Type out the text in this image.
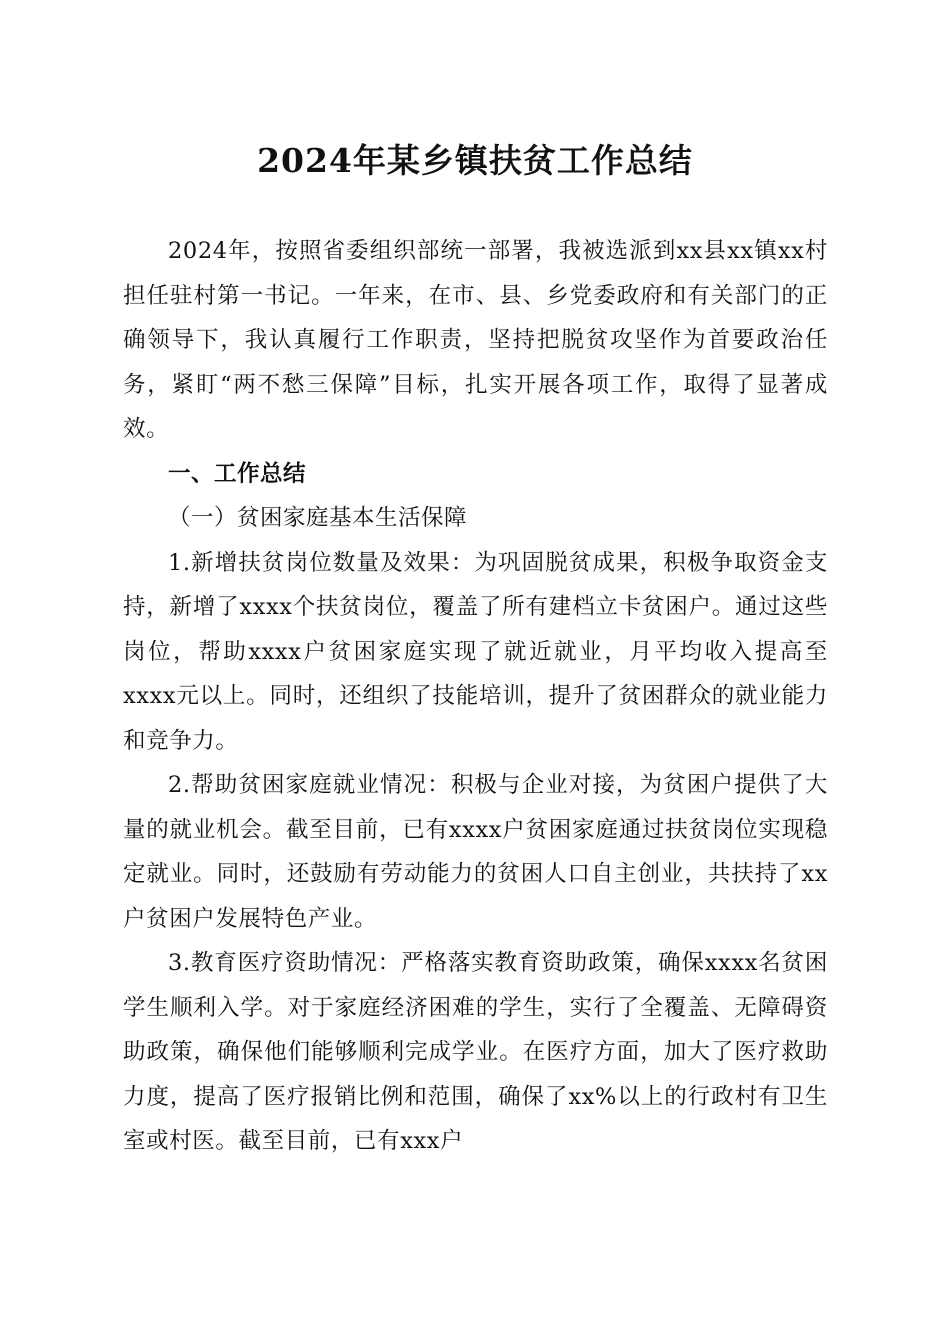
2024年某乡镇扶贫工作总结

2024年，按照省委组织部统一部署，我被选派到xx县xx镇xx村担任驻村第一书记。一年来，在市、县、乡党委政府和有关部门的正确领导下，我认真履行工作职责，坚持把脱贫攻坚作为首要政治任务，紧盯“两不愁三保障”目标，扎实开展各项工作，取得了显著成效。

一、工作总结

（一）贫困家庭基本生活保障

1.新增扶贫岗位数量及效果：为巩固脱贫成果，积极争取资金支持，新增了xxxx个扶贫岗位，覆盖了所有建档立卡贫困户。通过这些岗位，帮助xxxx户贫困家庭实现了就近就业，月平均收入提高至xxxx元以上。同时，还组织了技能培训，提升了贫困群众的就业能力和竞争力。

2.帮助贫困家庭就业情况：积极与企业对接，为贫困户提供了大量的就业机会。截至目前，已有xxxx户贫困家庭通过扶贫岗位实现稳定就业。同时，还鼓励有劳动能力的贫困人口自主创业，共扶持了xx户贫困户发展特色产业。

3.教育医疗资助情况：严格落实教育资助政策，确保xxxx名贫困学生顺利入学。对于家庭经济困难的学生，实行了全覆盖、无障碍资助政策，确保他们能够顺利完成学业。在医疗方面，加大了医疗救助力度，提高了医疗报销比例和范围，确保了xx%以上的行政村有卫生室或村医。截至目前，已有xxx户
